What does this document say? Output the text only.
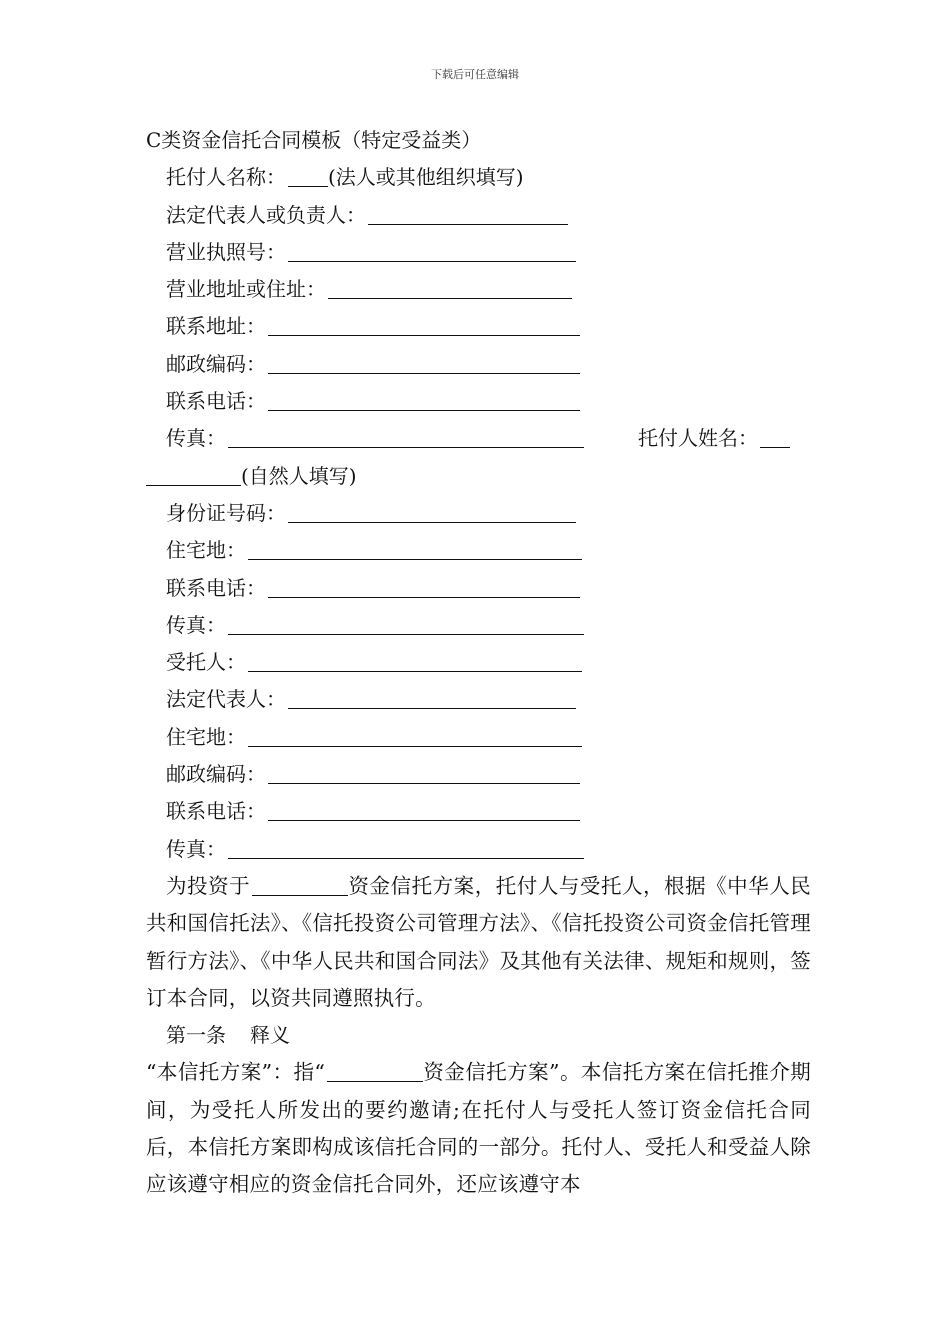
下载后可任意编辑
C类资金信托合同模板（特定受益类）
托付人名称： (法人或其他组织填写)
法定代表人或负责人：
营业执照号：
营业地址或住址：
联系地址：
邮政编码：
联系电话：
传真：	托付人姓名：
(自然人填写)
身份证号码：
住宅地：
联系电话：
传真：
受托人：
法定代表人：
住宅地：
邮政编码：
联系电话：
传真：

为投资于	资金信托方案，托付人与受托人，根据《中华人民共和国信托法》、《信托投资公司管理方法》、《信托投资公司资金信托管理暂行方法》、《中华人民共和国合同法》及其他有关法律、规矩和规则，签订本合同，以资共同遵照执行。

第一条 释义

“本信托方案”：指“	资金信托方案”。本信托方案在信托推介期间，为受托人所发出的要约邀请;在托付人与受托人签订资金信托合同后，本信托方案即构成该信托合同的一部分。托付人、受托人和受益人除应该遵守相应的资金信托合同外，还应该遵守本
